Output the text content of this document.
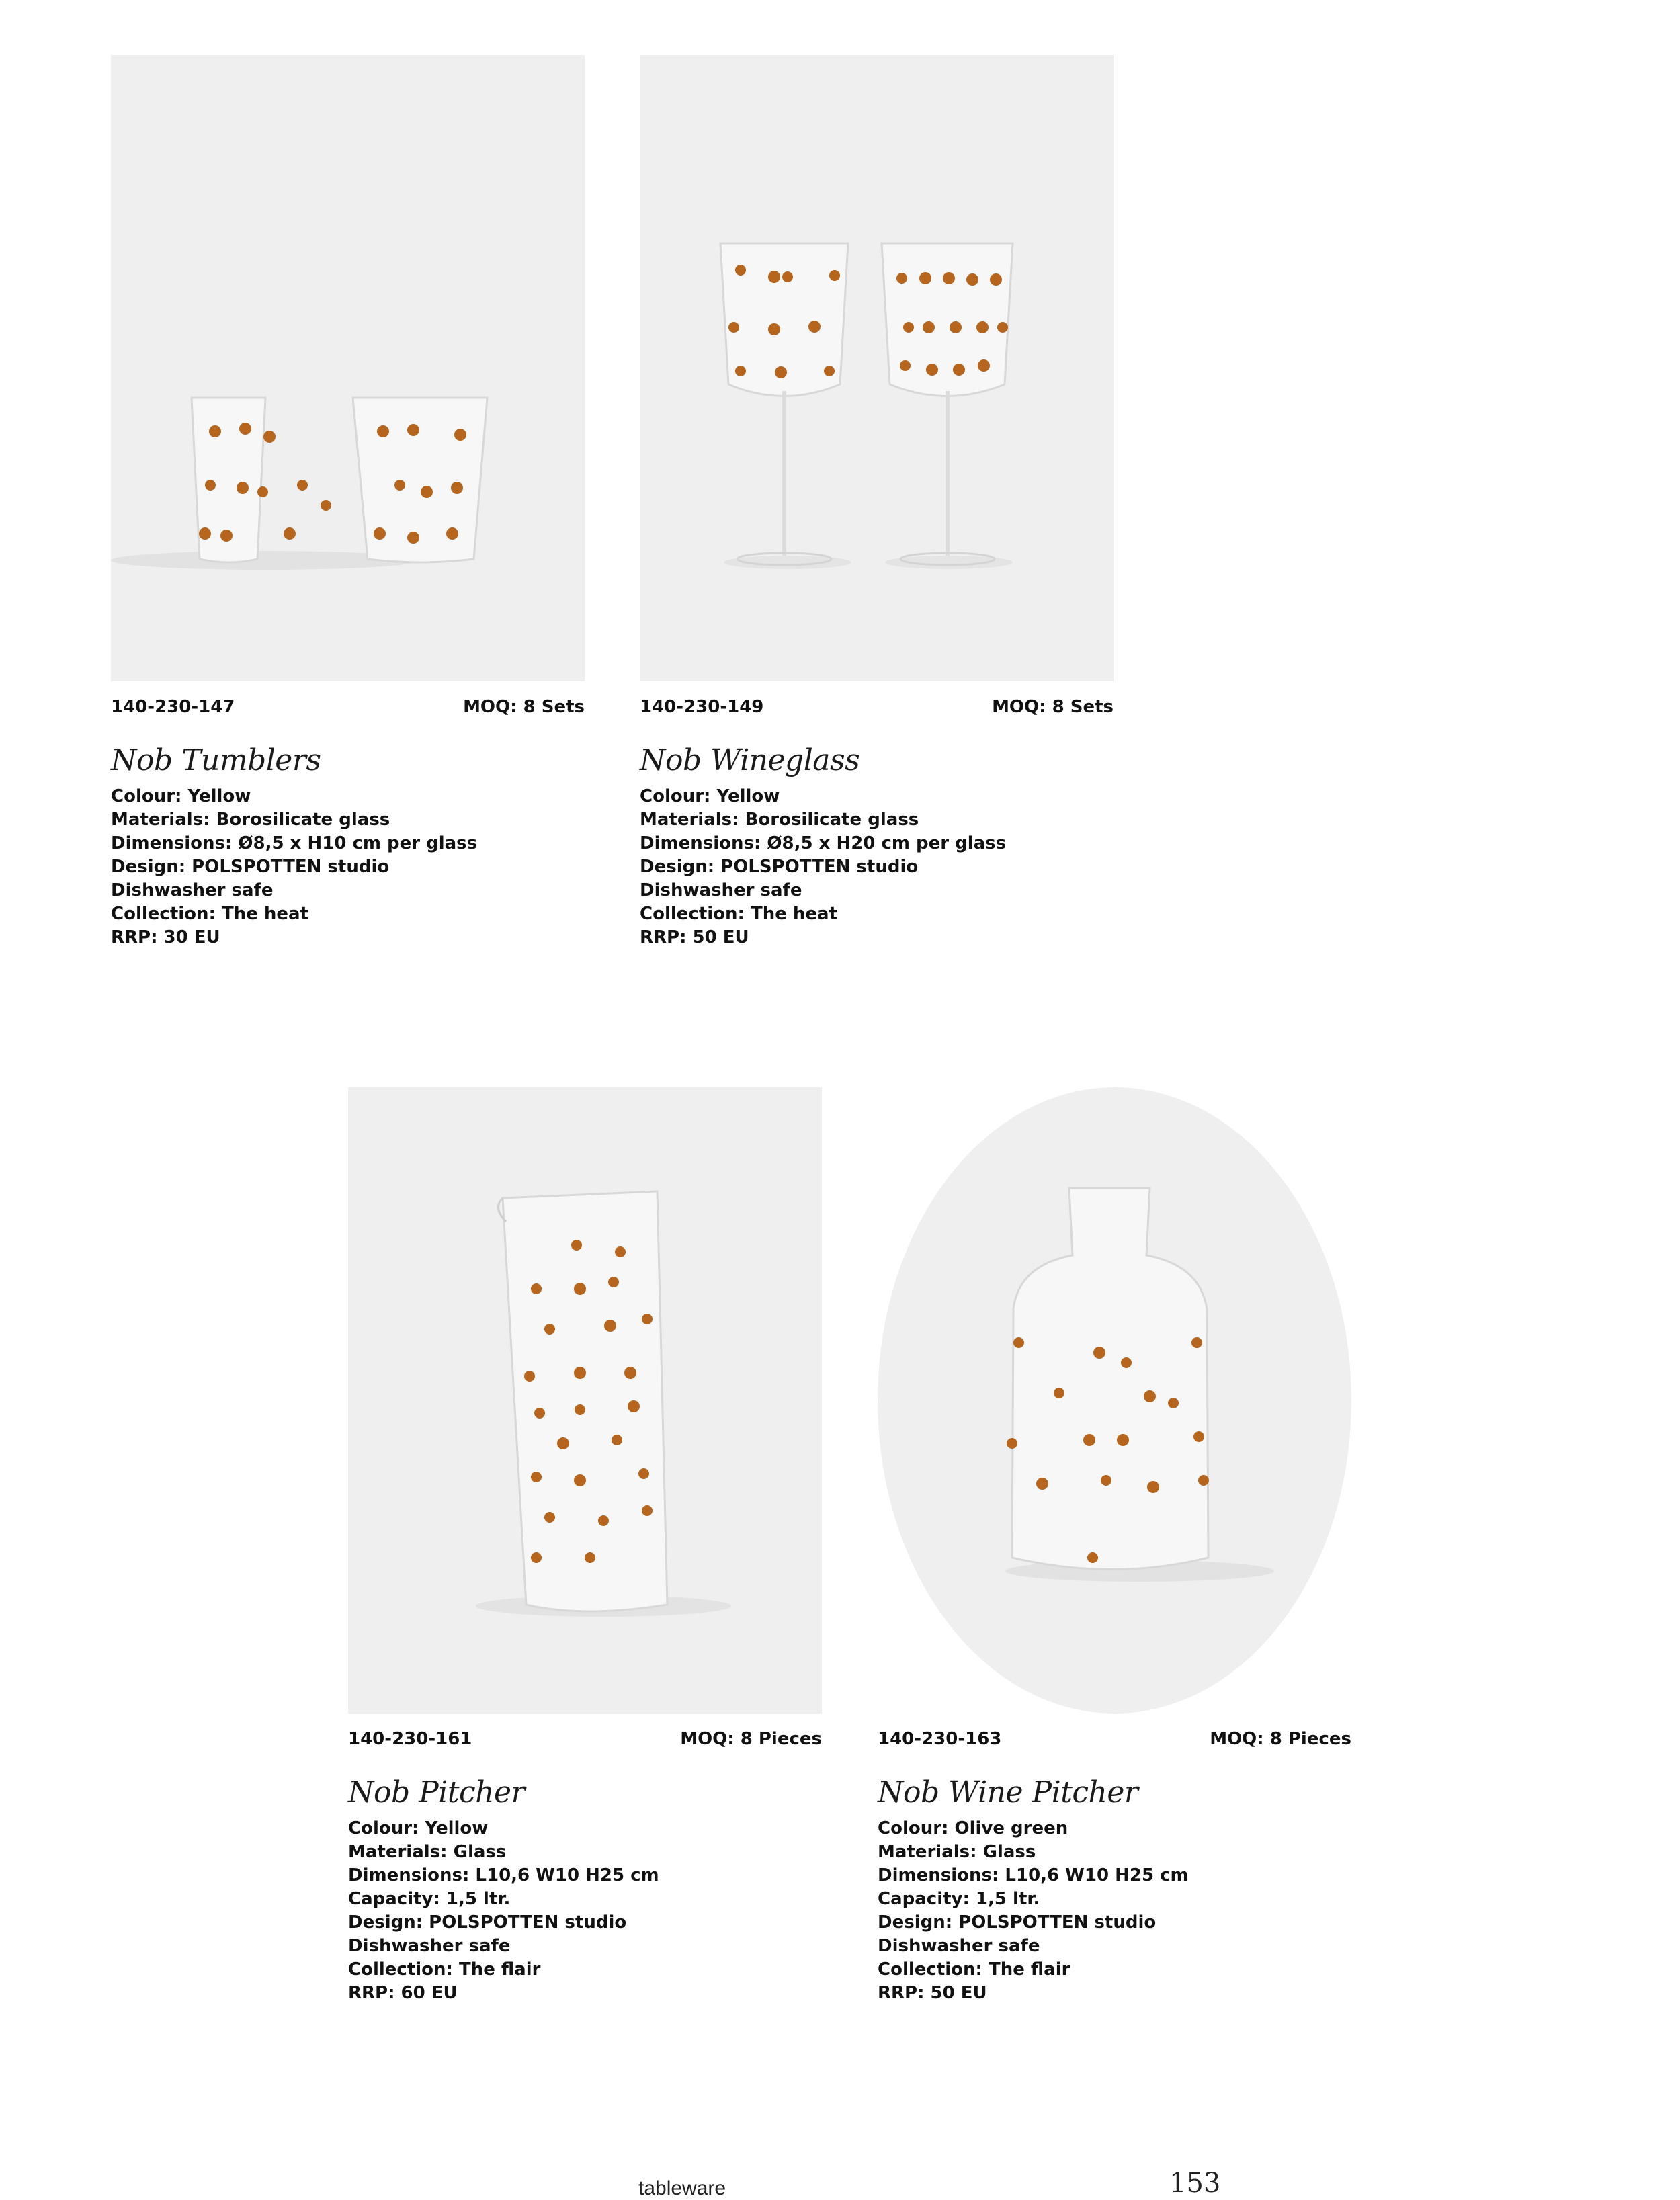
140-230-147	MOQ: 8 Sets
Nob Tumblers
Colour: Yellow
Materials: Borosilicate glass
Dimensions: Ø8,5 x H10 cm per glass
Design: POLSPOTTEN studio
Dishwasher safe
Collection: The heat
RRP: 30 EU
140-230-149	MOQ: 8 Sets
Nob Wineglass
Colour: Yellow
Materials: Borosilicate glass
Dimensions: Ø8,5 x H20 cm per glass
Design: POLSPOTTEN studio
Dishwasher safe
Collection: The heat
RRP: 50 EU
140-230-161	MOQ: 8 Pieces
Nob Pitcher
Colour: Yellow
Materials: Glass
Dimensions: L10,6 W10 H25 cm
Capacity: 1,5 ltr.
Design: POLSPOTTEN studio
Dishwasher safe
Collection: The flair
RRP: 60 EU
140-230-163	MOQ: 8 Pieces
Nob Wine Pitcher
Colour: Olive green
Materials: Glass
Dimensions: L10,6 W10 H25 cm
Capacity: 1,5 ltr.
Design: POLSPOTTEN studio
Dishwasher safe
Collection: The flair
RRP: 50 EU
tableware	153
